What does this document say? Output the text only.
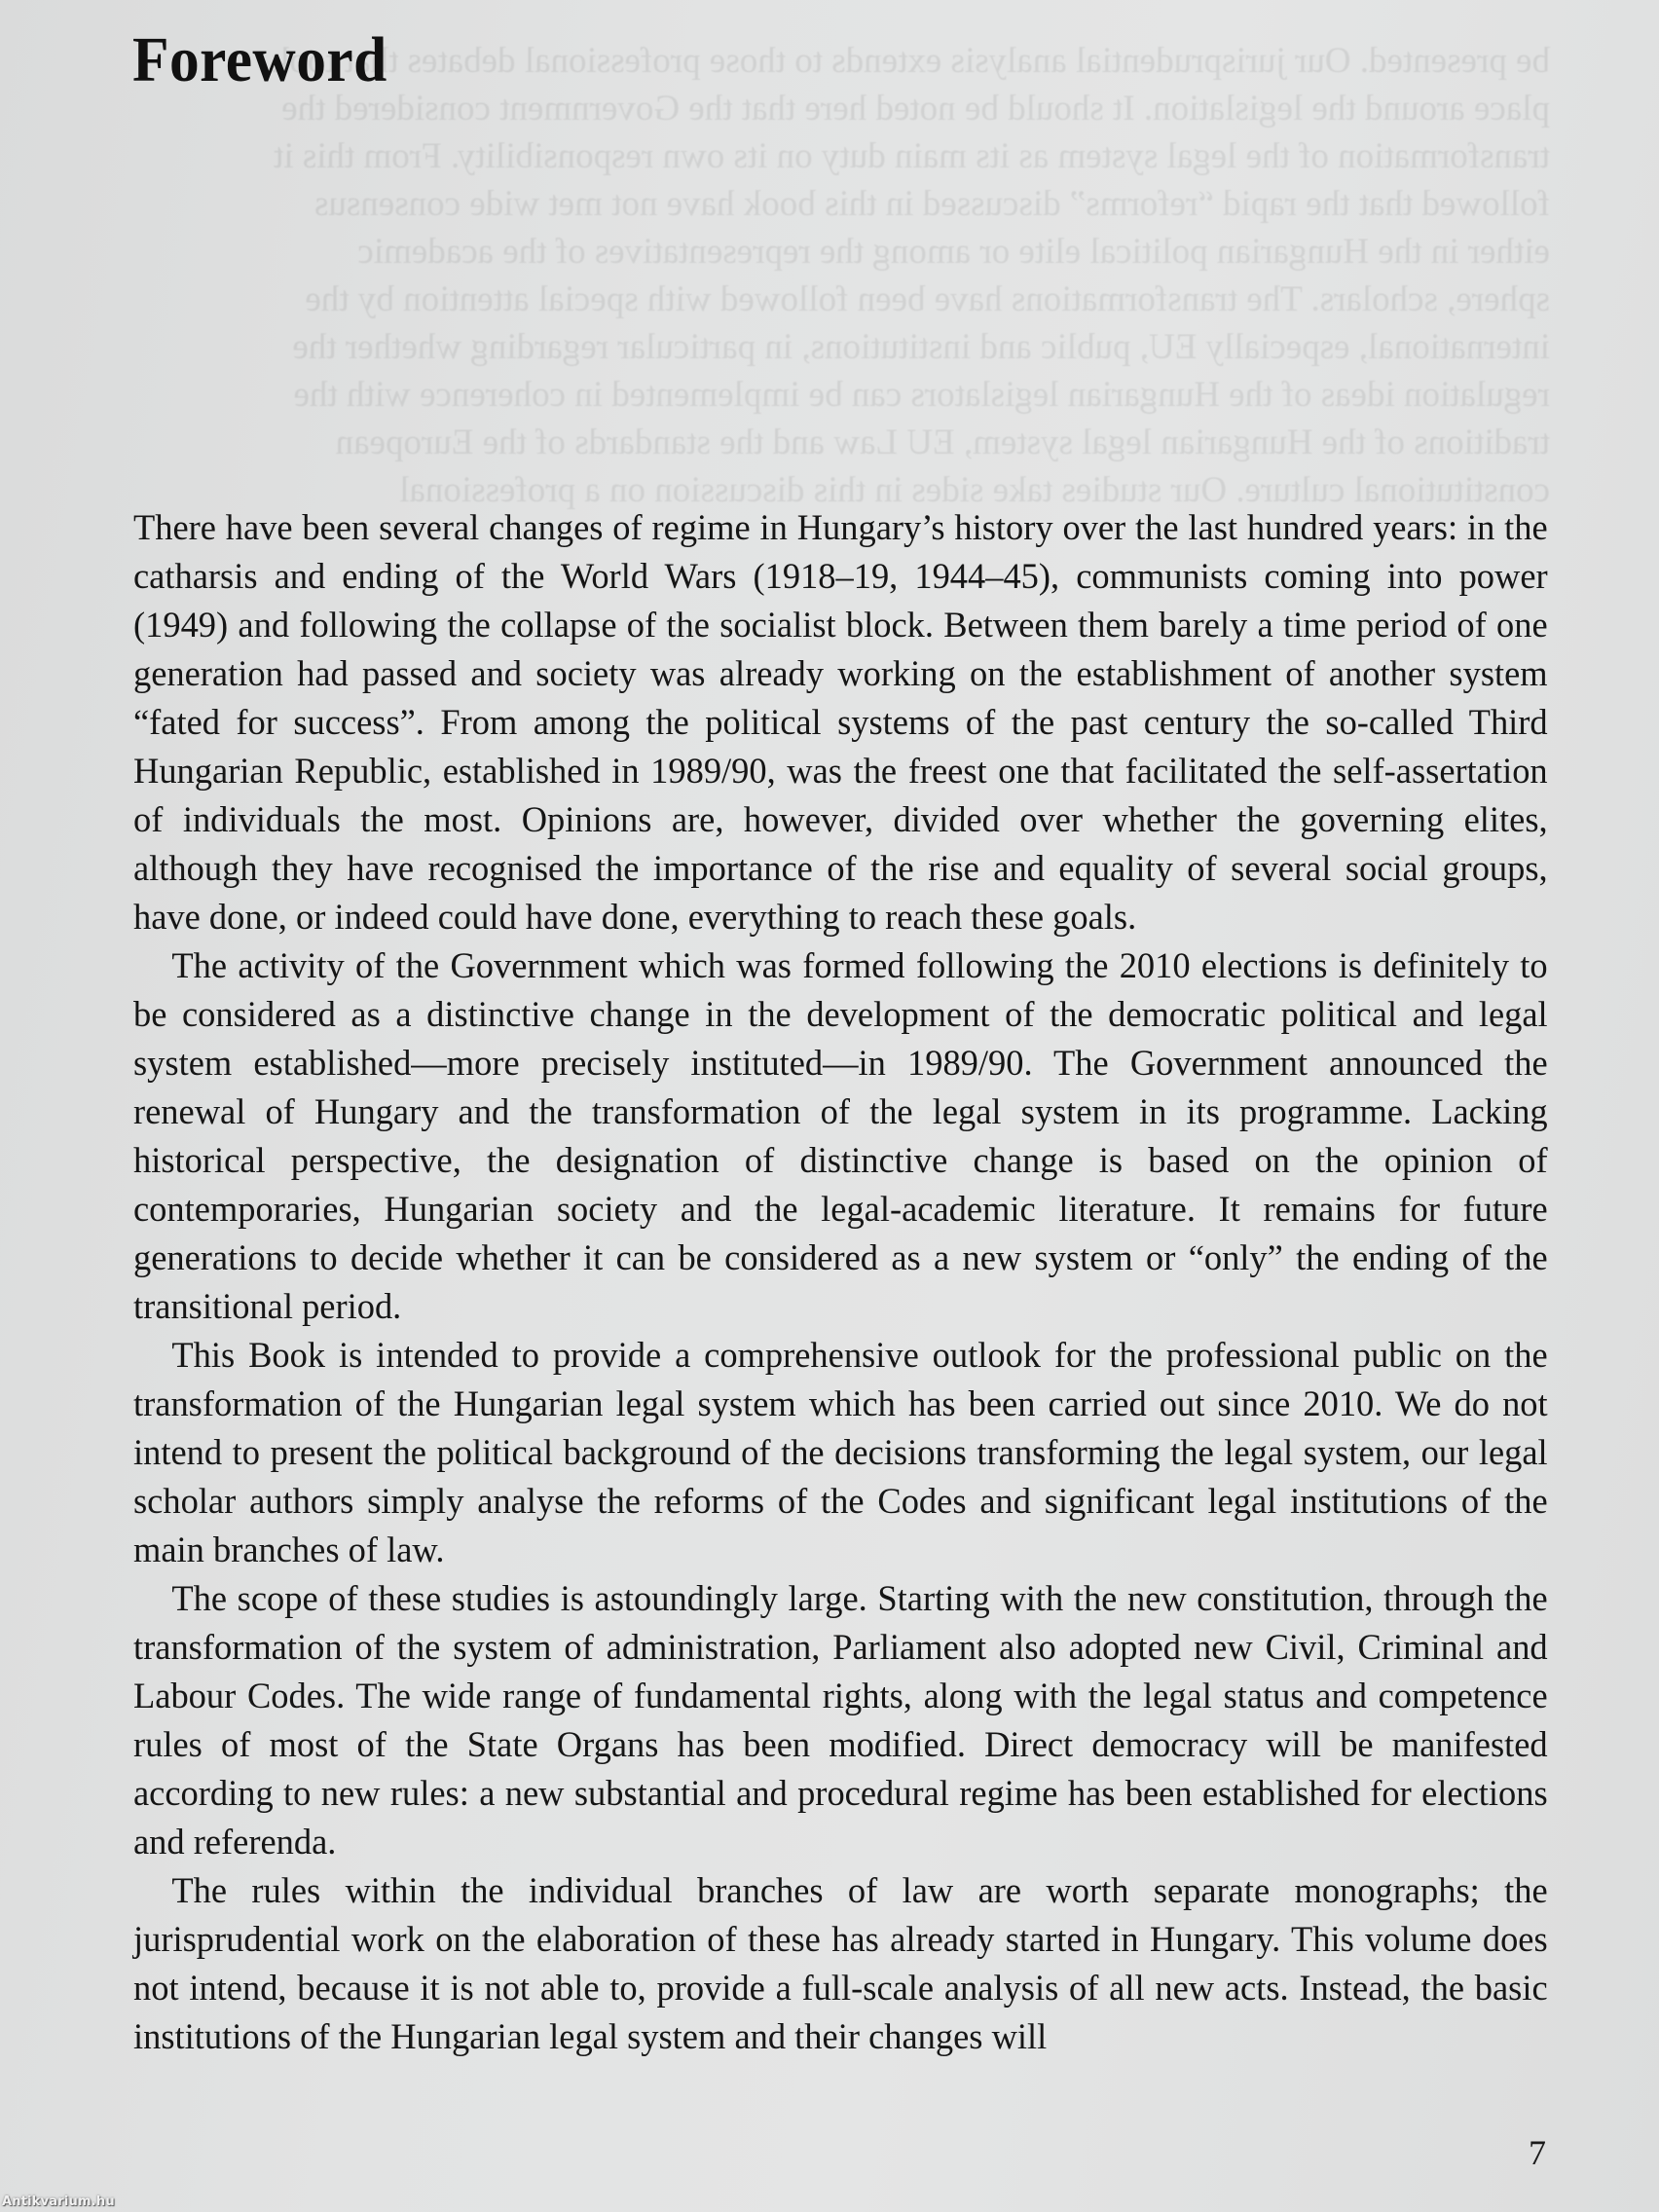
be presented. Our jurisprudential analysis extends to those professional debates that took
place around the legislation. It should be noted here that the Government considered the
transformation of the legal system as its main duty on its own responsibility. From this it
followed that the rapid “reforms” discussed in this book have not met wide consensus
either in the Hungarian political elite or among the representatives of the academic
sphere, scholars. The transformations have been followed with special attention by the
international, especially EU, public and institutions, in particular regarding whether the
regulation ideas of the Hungarian legislators can be implemented in coherence with the
traditions of the Hungarian legal system, EU Law and the standards of the European
constitutional culture. Our studies take sides in this discussion on a professional
Foreword

There have been several changes of regime in Hungary’s history over the last hundred years: in the catharsis and ending of the World Wars (1918–19, 1944–45), communists coming into power (1949) and following the collapse of the socialist block. Between them barely a time period of one generation had passed and society was already working on the establishment of another system “fated for success”. From among the political systems of the past century the so-called Third Hungarian Republic, established in 1989/90, was the freest one that facilitated the self-assertation of individuals the most. Opinions are, however, divided over whether the governing elites, although they have recognised the importance of the rise and equality of several social groups, have done, or indeed could have done, everything to reach these goals.

The activity of the Government which was formed following the 2010 elections is definitely to be considered as a distinctive change in the development of the democratic political and legal system established—more precisely instituted—in 1989/90. The Government announced the renewal of Hungary and the transformation of the legal system in its programme. Lacking historical perspective, the designation of distinctive change is based on the opinion of contemporaries, Hungarian society and the legal-academic literature. It remains for future generations to decide whether it can be considered as a new system or “only” the ending of the transitional period.

This Book is intended to provide a comprehensive outlook for the professional public on the transformation of the Hungarian legal system which has been carried out since 2010. We do not intend to present the political background of the decisions transforming the legal system, our legal scholar authors simply analyse the reforms of the Codes and significant legal institutions of the main branches of law.

The scope of these studies is astoundingly large. Starting with the new constitution, through the transformation of the system of administration, Parliament also adopted new Civil, Criminal and Labour Codes. The wide range of fundamental rights, along with the legal status and competence rules of most of the State Organs has been modified. Direct democracy will be manifested according to new rules: a new substantial and procedural regime has been established for elections and referenda.

The rules within the individual branches of law are worth separate monographs; the jurisprudential work on the elaboration of these has already started in Hungary. This volume does not intend, because it is not able to, provide a full-scale analysis of all new acts. Instead, the basic institutions of the Hungarian legal system and their changes will

7
Antikvarium.hu
